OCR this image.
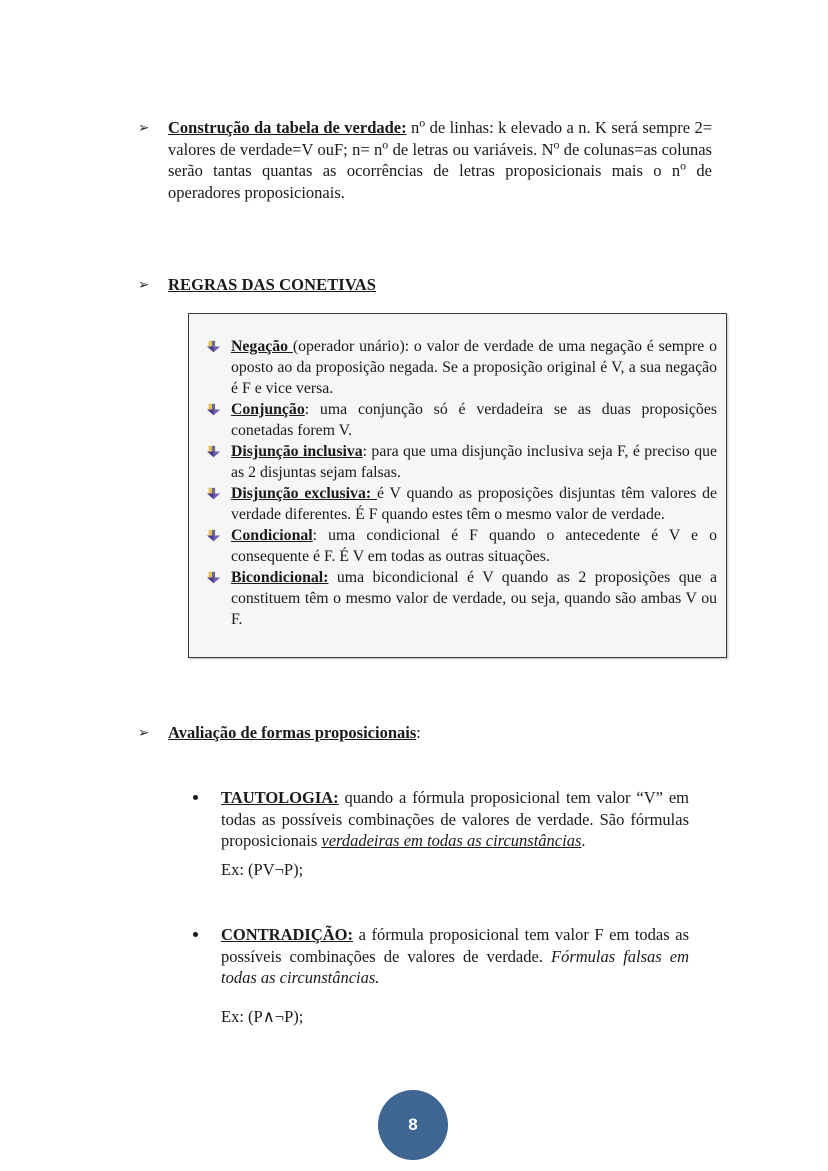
➢	Construção da tabela de verdade: $n^o$ de linhas: k elevado a n. K será sempre 2= valores de verdade=V ouF; $n= n^o$ de letras ou variáveis. $N^o$ de colunas=as colunas serão tantas quantas as ocorrências de letras proposicionais mais o $n^o$ de operadores proposicionais.
➢	REGRAS DAS CONETIVAS
Negação (operador unário): o valor de verdade de uma negação é sempre o oposto ao da proposição negada. Se a proposição original é V, a sua negação é F e vice versa.
Conjunção: uma conjunção só é verdadeira se as duas proposições conetadas forem V.
Disjunção inclusiva: para que uma disjunção inclusiva seja F, é preciso que as 2 disjuntas sejam falsas.
Disjunção exclusiva: é V quando as proposições disjuntas têm valores de verdade diferentes. É F quando estes têm o mesmo valor de verdade.
Condicional: uma condicional é F quando o antecedente é V e o consequente é F. É V em todas as outras situações.
Bicondicional: uma bicondicional é V quando as 2 proposições que a constituem têm o mesmo valor de verdade, ou seja, quando são ambas V ou F.
➢	Avaliação de formas proposicionais:
TAUTOLOGIA: quando a fórmula proposicional tem valor “V” em todas as possíveis combinações de valores de verdade. São fórmulas proposicionais verdadeiras em todas as circunstâncias.
Ex: (PV¬P);
CONTRADIÇÃO: a fórmula proposicional tem valor F em todas as possíveis combinações de valores de verdade. Fórmulas falsas em todas as circunstâncias.
Ex: (P∧¬P);
8
